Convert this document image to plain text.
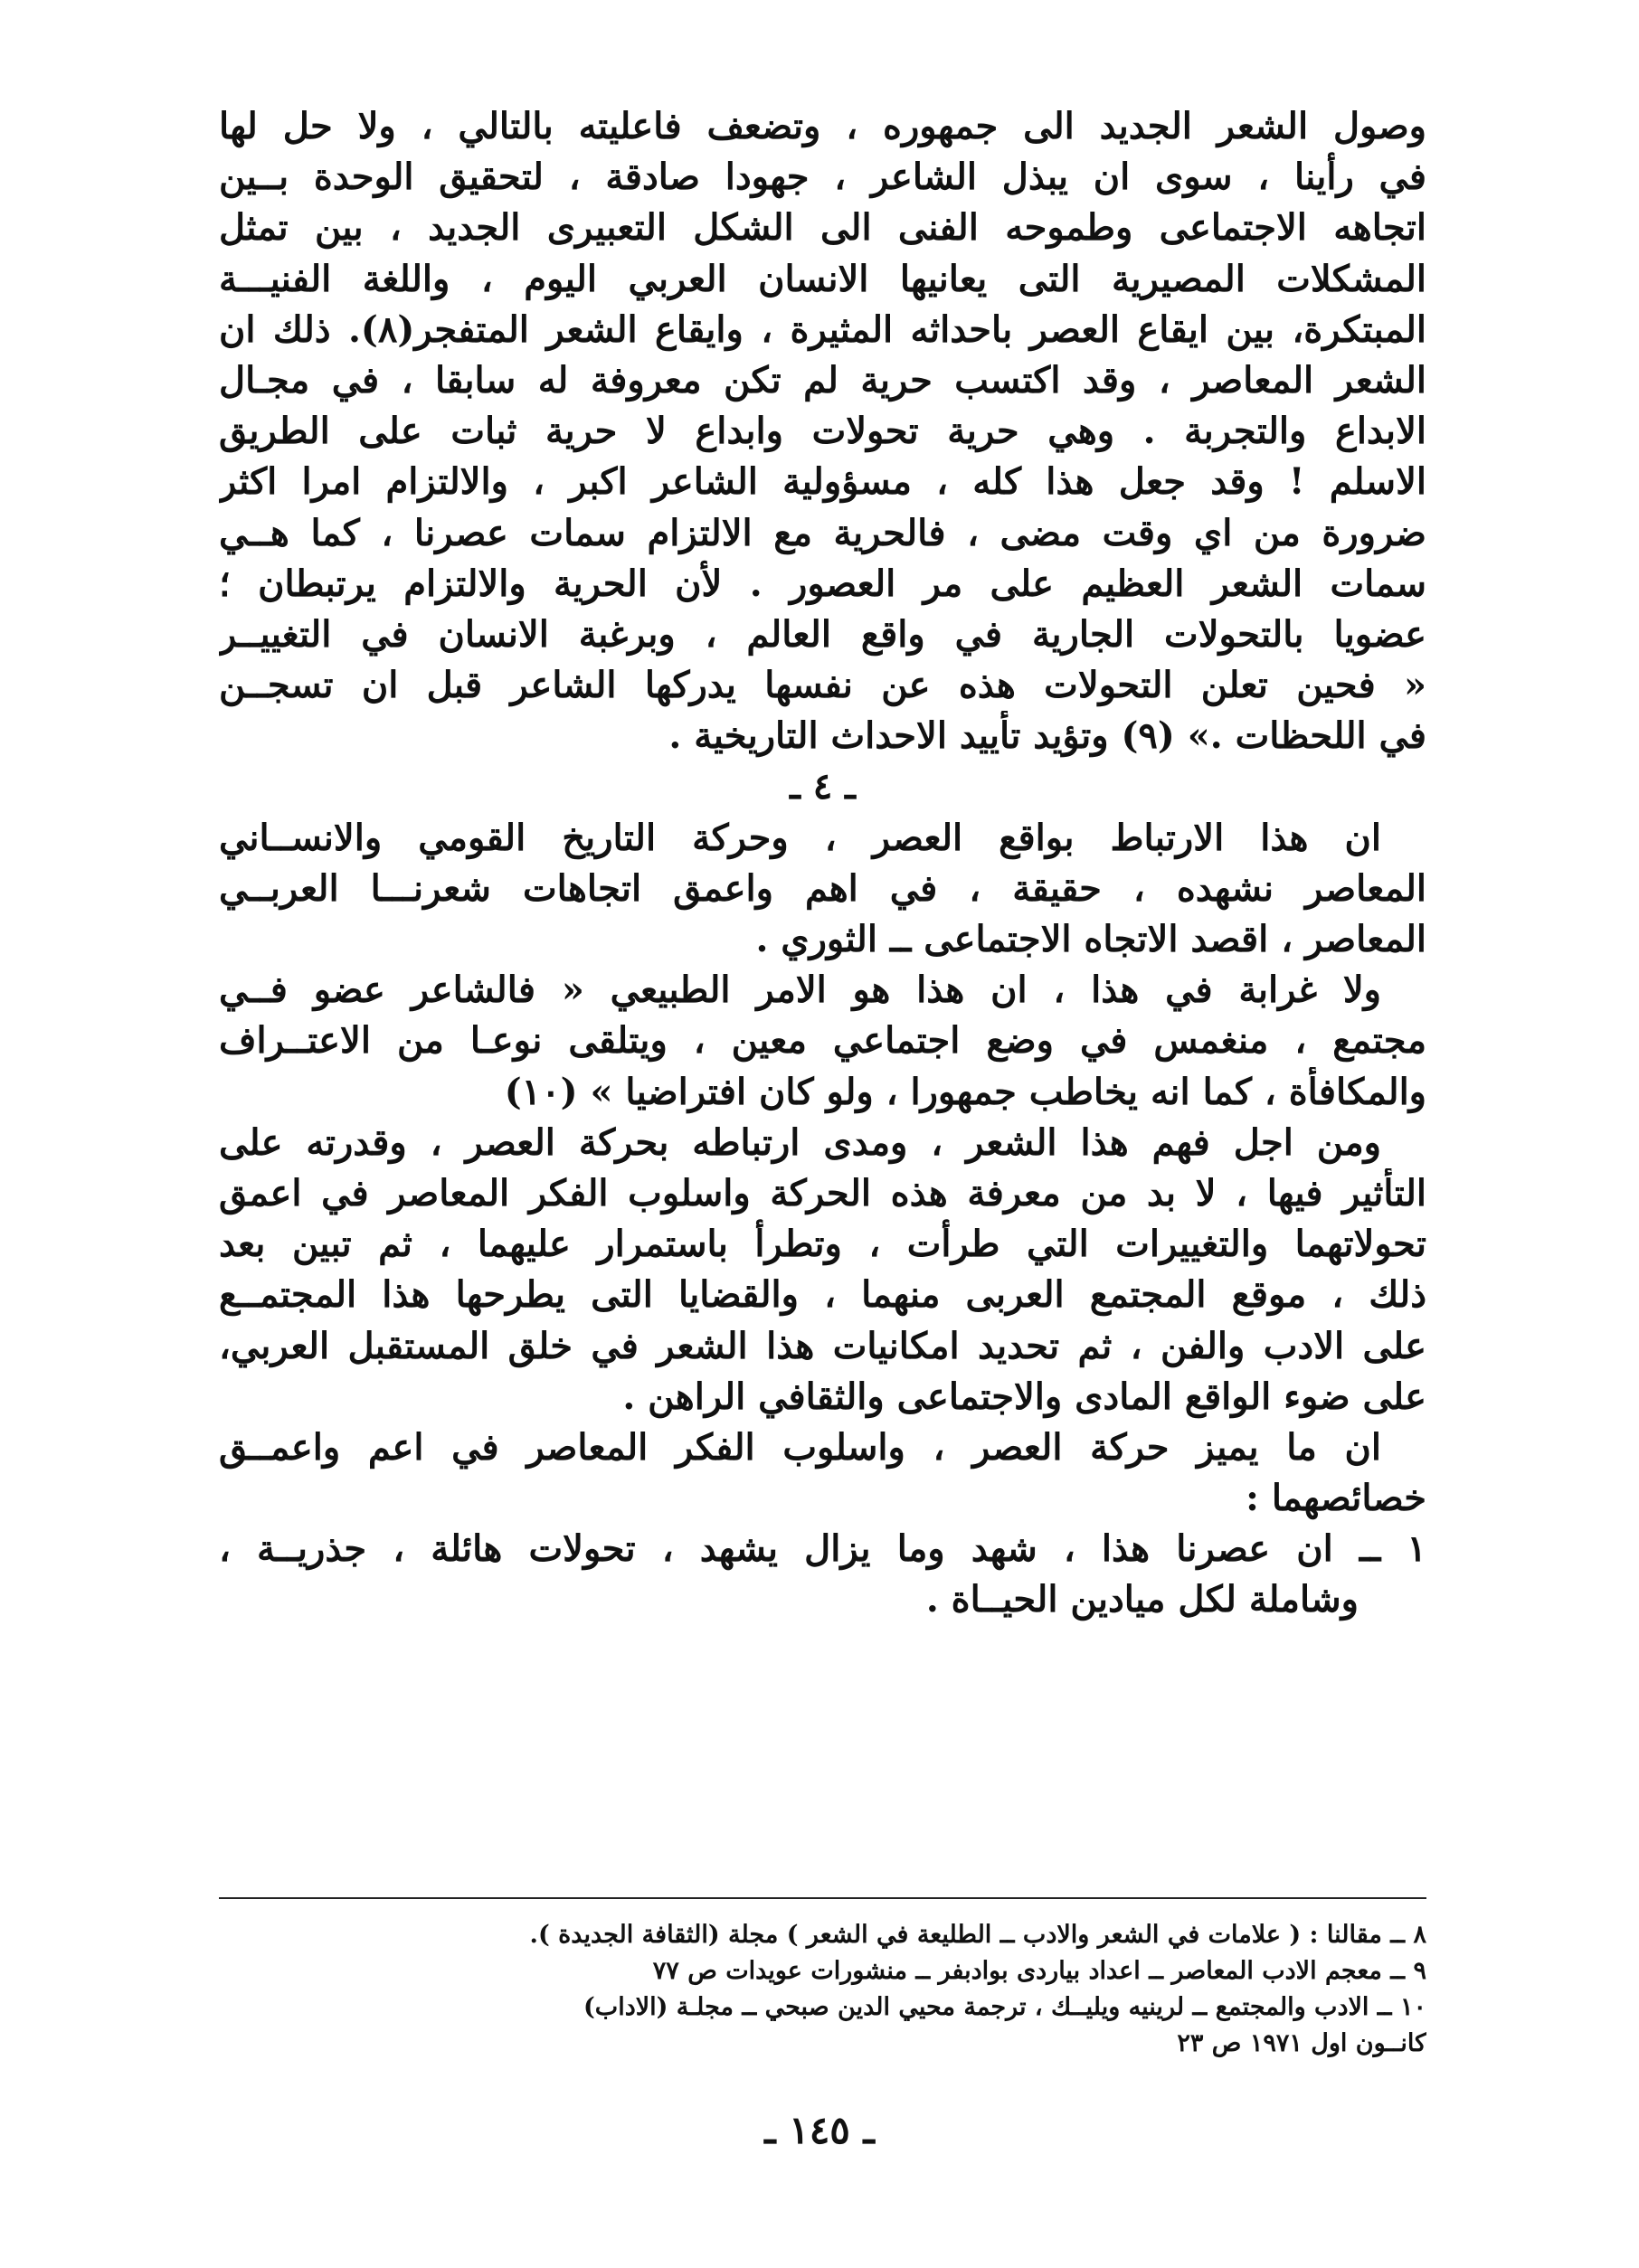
وصول الشعر الجديد الى جمهوره ، وتضعف فاعليته بالتالي ، ولا حل لها
في رأينا ، سوى ان يبذل الشاعر ، جهودا صادقة ، لتحقيق الوحدة بــين
اتجاهه الاجتماعى وطموحه الفنى الى الشكل التعبيرى الجديد ، بين تمثل
المشكلات المصيرية التى يعانيها الانسان العربي اليوم ، واللغة الفنيـــة
المبتكرة، بين ايقاع العصر باحداثه المثيرة ، وايقاع الشعر المتفجر(٨). ذلك ان
الشعر المعاصر ، وقد اكتسب حرية لم تكن معروفة له سابقا ، في مجـال
الابداع والتجربة . وهي حرية تحولات وابداع لا حرية ثبات على الطريق
الاسلم ! وقد جعل هذا كله ، مسؤولية الشاعر اكبر ، والالتزام امرا اكثر
ضرورة من اي وقت مضى ، فالحرية مع الالتزام سمات عصرنا ، كما هــي
سمات الشعر العظيم على مر العصور . لأن الحرية والالتزام يرتبطان ؛
عضويا بالتحولات الجارية في واقع العالم ، وبرغبة الانسان في التغييــر
« فحين تعلن التحولات هذه عن نفسها يدركها الشاعر قبل ان تسجــن
في اللحظات .» (٩) وتؤيد تأييد الاحداث التاريخية .
ـ ٤ ـ
ان هذا الارتباط بواقع العصر ، وحركة التاريخ القومي والانســاني
المعاصر نشهده ، حقيقة ، في اهم واعمق اتجاهات شعرنـــا العربــي
المعاصر ، اقصد الاتجاه الاجتماعى ــ الثوري .
ولا غرابة في هذا ، ان هذا هو الامر الطبيعي « فالشاعر عضو فــي
مجتمع ، منغمس في وضع اجتماعي معين ، ويتلقى نوعـا من الاعتــراف
والمكافأة ، كما انه يخاطب جمهورا ، ولو كان افتراضيا » (١٠)
ومن اجل فهم هذا الشعر ، ومدى ارتباطه بحركة العصر ، وقدرته على
التأثير فيها ، لا بد من معرفة هذه الحركة واسلوب الفكر المعاصر في اعمق
تحولاتهما والتغييرات التي طرأت ، وتطرأ باستمرار عليهما ، ثم تبين بعد
ذلك ، موقع المجتمع العربى منهما ، والقضايا التى يطرحها هذا المجتمــع
على الادب والفن ، ثم تحديد امكانيات هذا الشعر في خلق المستقبل العربي،
على ضوء الواقع المادى والاجتماعى والثقافي الراهن .
ان ما يميز حركة العصر ، واسلوب الفكر المعاصر في اعم واعمــق
خصائصهما :
١ ــ ان عصرنا هذا ، شهد وما يزال يشهد ، تحولات هائلة ، جذريــة ،
وشاملة لكل ميادين الحيــاة .
٨ ــ مقالنا : ( علامات في الشعر والادب ــ الطليعة في الشعر ) مجلة (الثقافة الجديدة ).
٩ ــ معجم الادب المعاصر ــ اعداد بياردى بوادبفر ــ منشورات عويدات ص ٧٧
١٠ ــ الادب والمجتمع ــ لرينيه ويليــك ، ترجمة محيي الدين صبحي ــ مجلـة (الاداب)
كانــون اول ١٩٧١ ص ٢٣
ـ ١٤٥ ـ
